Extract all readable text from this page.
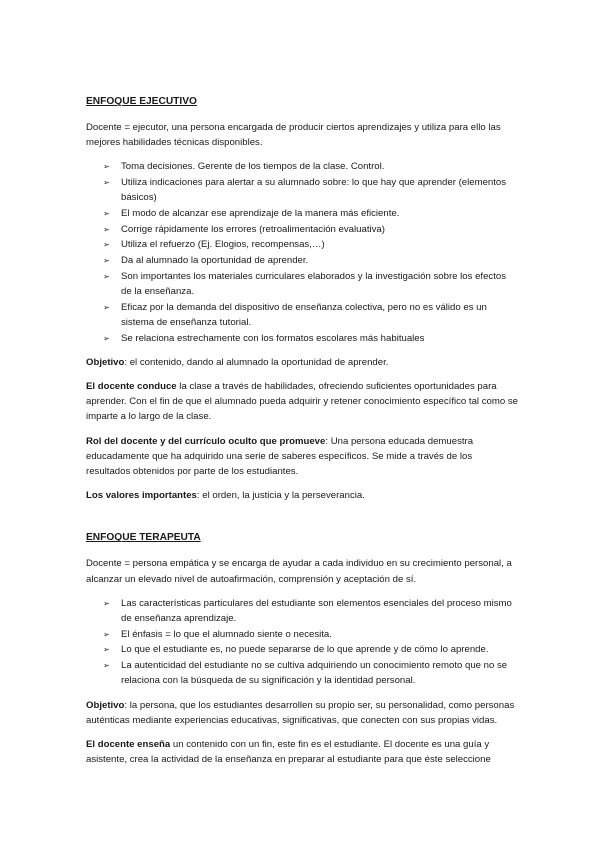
ENFOQUE EJECUTIVO

Docente = ejecutor, una persona encargada de producir ciertos aprendizajes y utiliza para ello las mejores habilidades técnicas disponibles.

➢ Toma decisiones. Gerente de los tiempos de la clase. Control.
➢ Utiliza indicaciones para alertar a su alumnado sobre: lo que hay que aprender (elementos básicos)
➢ El modo de alcanzar ese aprendizaje de la manera más eficiente.
➢ Corrige rápidamente los errores (retroalimentación evaluativa)
➢ Utiliza el refuerzo (Ej. Elogios, recompensas,…)
➢ Da al alumnado la oportunidad de aprender.
➢ Son importantes los materiales curriculares elaborados y la investigación sobre los efectos de la enseñanza.
➢ Eficaz por la demanda del dispositivo de enseñanza colectiva, pero no es válido es un sistema de enseñanza tutorial.
➢ Se relaciona estrechamente con los formatos escolares más habituales

Objetivo: el contenido, dando al alumnado la oportunidad de aprender.

El docente conduce la clase a través de habilidades, ofreciendo suficientes oportunidades para aprender. Con el fin de que el alumnado pueda adquirir y retener conocimiento específico tal como se imparte a lo largo de la clase.

Rol del docente y del currículo oculto que promueve: Una persona educada demuestra educadamente que ha adquirido una serie de saberes específicos. Se mide a través de los resultados obtenidos por parte de los estudiantes.

Los valores importantes: el orden, la justicia y la perseverancia.

ENFOQUE TERAPEUTA

Docente = persona empática y se encarga de ayudar a cada individuo en su crecimiento personal, a alcanzar un elevado nivel de autoafirmación, comprensión y aceptación de sí.

➢ Las características particulares del estudiante son elementos esenciales del proceso mismo de enseñanza aprendizaje.
➢ El énfasis = lo que el alumnado siente o necesita.
➢ Lo que el estudiante es, no puede separarse de lo que aprende y de cómo lo aprende.
➢ La autenticidad del estudiante no se cultiva adquiriendo un conocimiento remoto que no se relaciona con la búsqueda de su significación y la identidad personal.

Objetivo: la persona, que los estudiantes desarrollen su propio ser, su personalidad, como personas auténticas mediante experiencias educativas, significativas, que conecten con sus propias vidas.

El docente enseña un contenido con un fin, este fin es el estudiante. El docente es una guía y asistente, crea la actividad de la enseñanza en preparar al estudiante para que éste seleccione
